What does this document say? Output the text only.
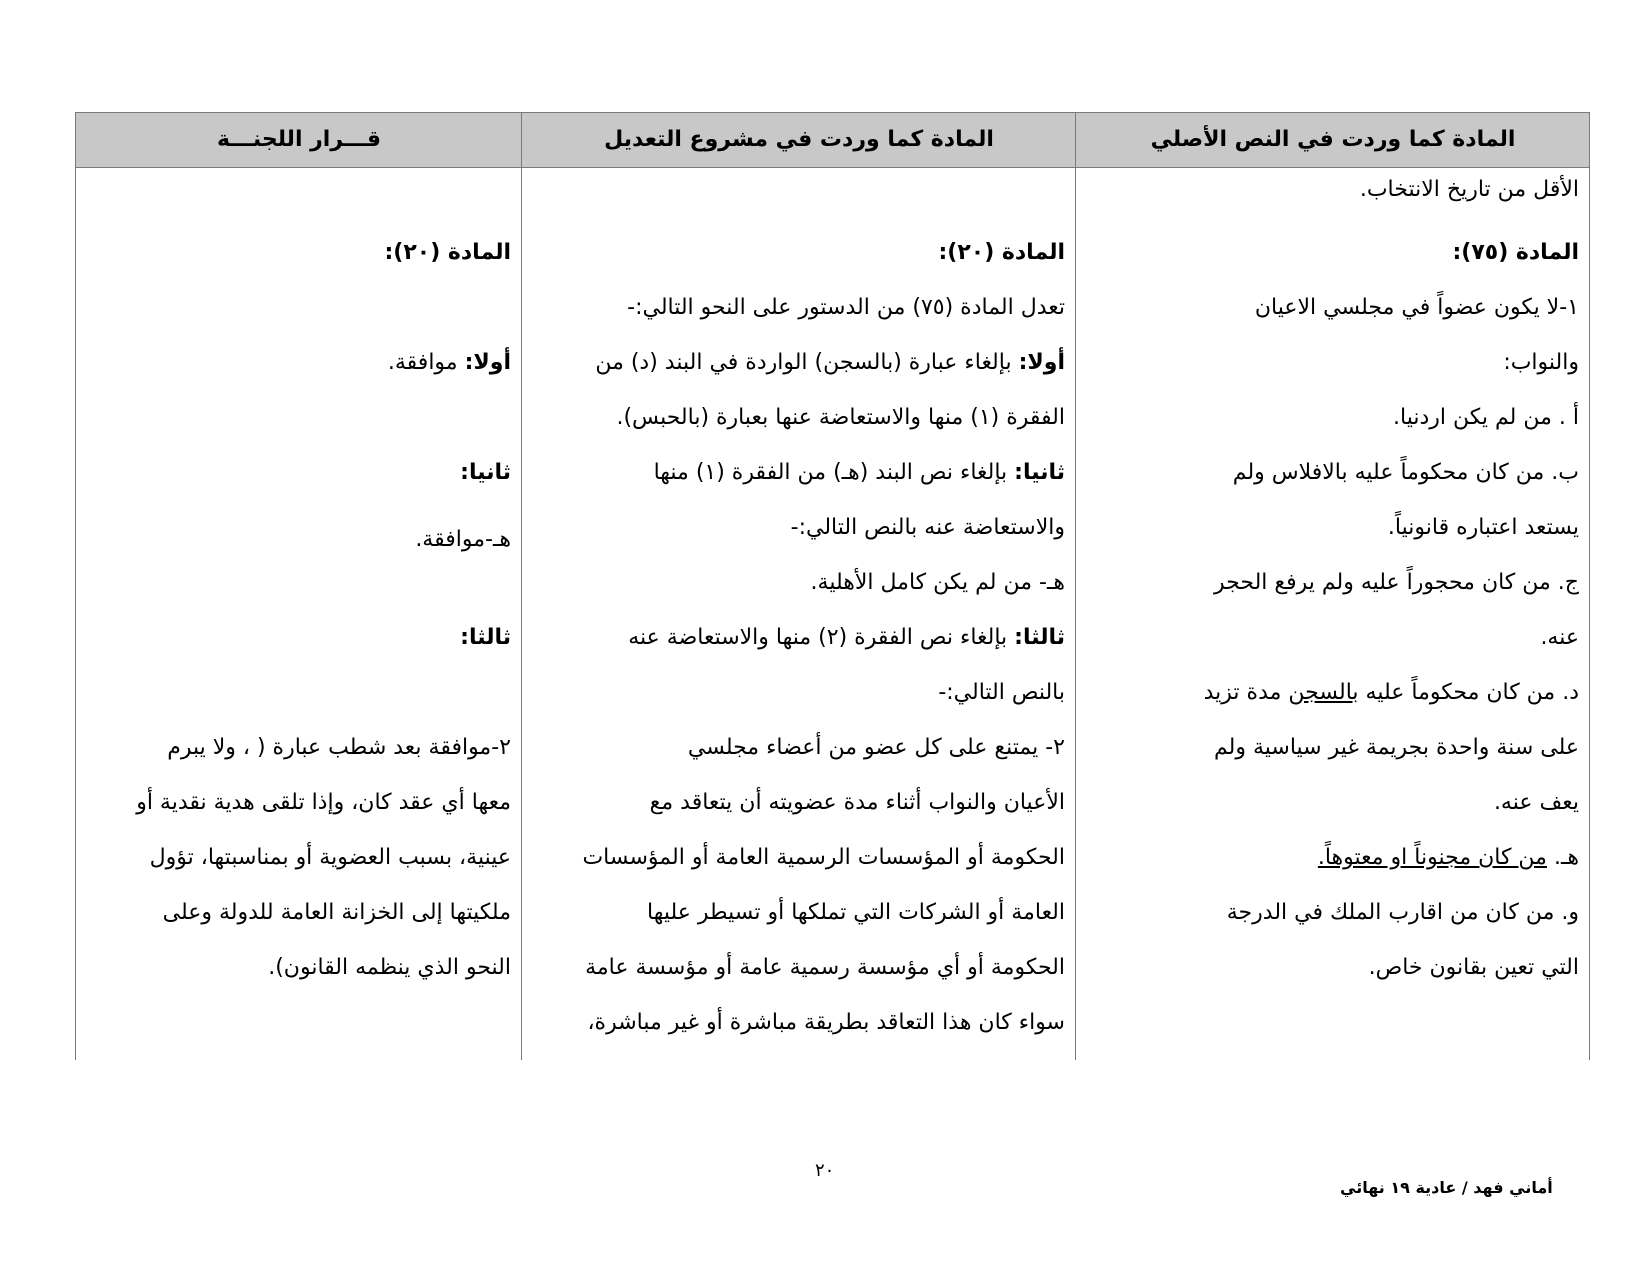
المادة كما وردت في النص الأصلي
المادة كما وردت في مشروع التعديل
قـــرار اللجنـــة
الأقل من تاريخ الانتخاب.
المادة (٧٥):
١-لا يكون عضواً في مجلسي الاعيان
والنواب:
أ . من لم يكن اردنيا.
ب. من كان محكوماً عليه بالافلاس ولم
يستعد اعتباره قانونياً.
ج. من كان محجوراً عليه ولم يرفع الحجر
عنه.
د. من كان محكوماً عليه بالسجن مدة تزيد
على سنة واحدة بجريمة غير سياسية ولم
يعف عنه.
هـ. من كان مجنوناً او معتوهاً.
و. من كان من اقارب الملك في الدرجة
التي تعين بقانون خاص.
المادة (٢٠):
تعدل المادة (٧٥) من الدستور على النحو التالي:-
أولا: بإلغاء عبارة (بالسجن) الواردة في البند (د) من
الفقرة (١) منها والاستعاضة عنها بعبارة (بالحبس).
ثانيا: بإلغاء نص البند (هـ) من الفقرة (١) منها
والاستعاضة عنه بالنص التالي:-
هـ- من لم يكن كامل الأهلية.
ثالثا: بإلغاء نص الفقرة (٢) منها والاستعاضة عنه
بالنص التالي:-
٢- يمتنع على كل عضو من أعضاء مجلسي
الأعيان والنواب أثناء مدة عضويته أن يتعاقد مع
الحكومة أو المؤسسات الرسمية العامة أو المؤسسات
العامة أو الشركات التي تملكها أو تسيطر عليها
الحكومة أو أي مؤسسة رسمية عامة أو مؤسسة عامة
سواء كان هذا التعاقد بطريقة مباشرة أو غير مباشرة،
المادة (٢٠):
أولا: موافقة.
ثانيا:
هـ-موافقة.
ثالثا:
٢-موافقة بعد شطب عبارة ( ، ولا يبرم
معها أي عقد كان، وإذا تلقى هدية نقدية أو
عينية، بسبب العضوية أو بمناسبتها، تؤول
ملكيتها إلى الخزانة العامة للدولة وعلى
النحو الذي ينظمه القانون).
٢٠
أماني فهد / عادية ١٩ نهائي
